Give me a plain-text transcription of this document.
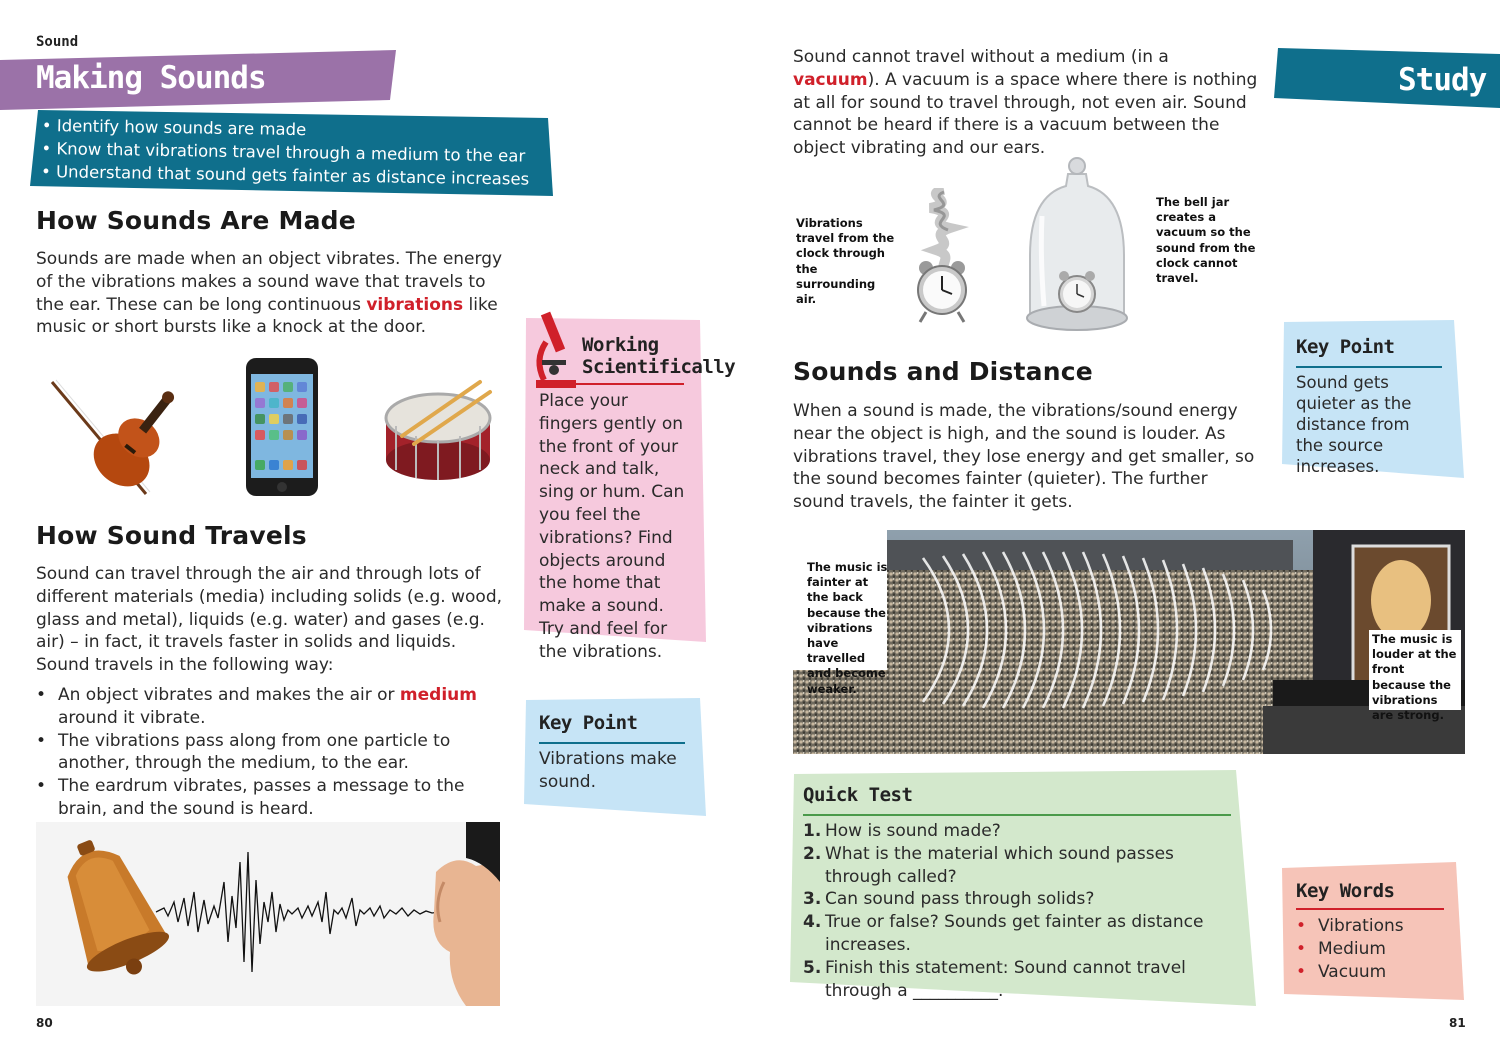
Sound
Making Sounds
• Identify how sounds are made
• Know that vibrations travel through a medium to the ear
• Understand that sound gets fainter as distance increases
How Sounds Are Made
Sounds are made when an object vibrates. The energy of the vibrations makes a sound wave that travels to the ear. These can be long continuous vibrations like music or short bursts like a knock at the door.
How Sound Travels
Sound can travel through the air and through lots of different materials (media) including solids (e.g. wood, glass and metal), liquids (e.g. water) and gases (e.g. air) – in fact, it travels faster in solids and liquids. Sound travels in the following way:
• An object vibrates and makes the air or medium around it vibrate.
• The vibrations pass along from one particle to another, through the medium, to the ear.
• The eardrum vibrates, passes a message to the brain, and the sound is heard.
Working
Scientifically
Place your fingers gently on the front of your neck and talk, sing or hum. Can you feel the vibrations? Find objects around the home that make a sound. Try and feel for the vibrations.
Key Point
Vibrations make sound.
80
Sound cannot travel without a medium (in a vacuum). A vacuum is a space where there is nothing at all for sound to travel through, not even air. Sound cannot be heard if there is a vacuum between the object vibrating and our ears.
Study
Vibrations travel from the clock through the surrounding air.
The bell jar creates a vacuum so the sound from the clock cannot travel.
Sounds and Distance
When a sound is made, the vibrations/sound energy near the object is high, and the sound is louder. As vibrations travel, they lose energy and get smaller, so the sound becomes fainter (quieter). The further sound travels, the fainter it gets.
Key Point
Sound gets quieter as the distance from the source increases.
The music is fainter at the back because the vibrations have travelled and become weaker.
The music is louder at the front because the vibrations are strong.
Quick Test
1. How is sound made?
2. What is the material which sound passes through called?
3. Can sound pass through solids?
4. True or false? Sounds get fainter as distance increases.
5. Finish this statement: Sound cannot travel through a __________.
Key Words
• Vibrations
• Medium
• Vacuum
81
